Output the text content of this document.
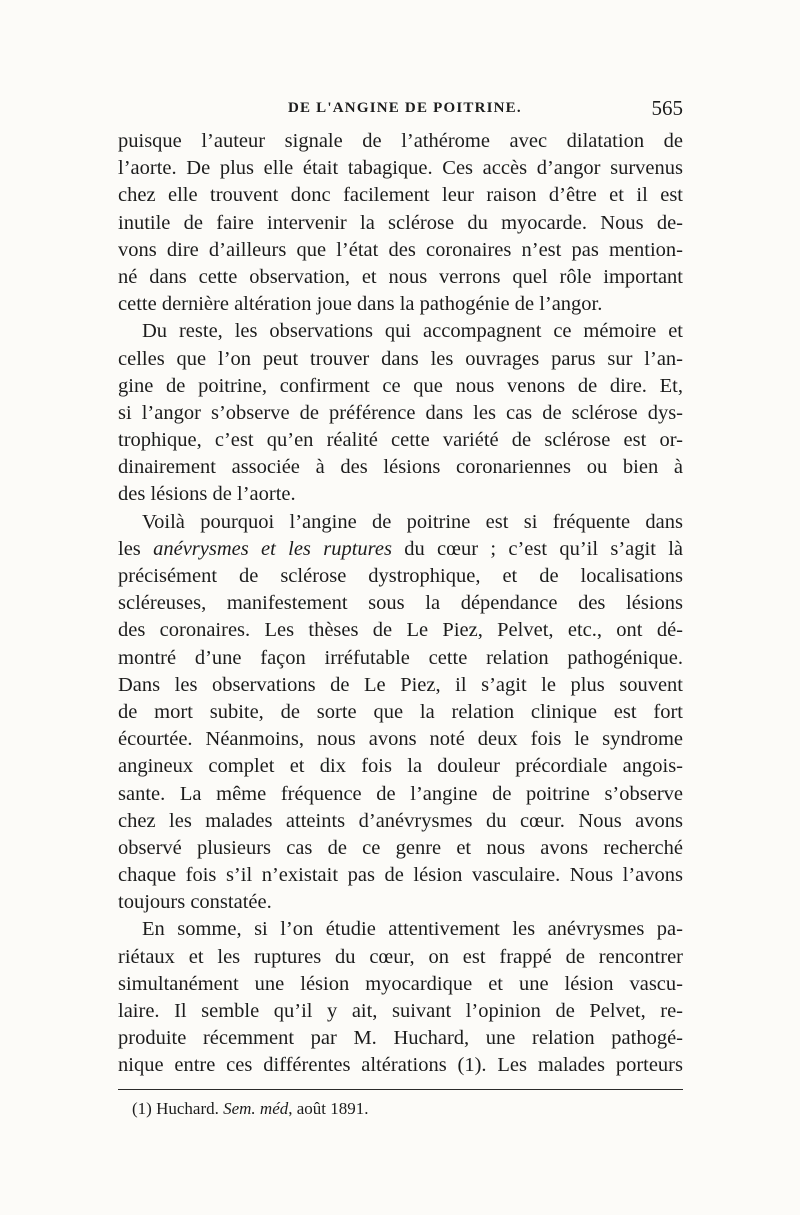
DE L'ANGINE DE POITRINE.	565
puisque l’auteur signale de l’athérome avec dilatation de
l’aorte. De plus elle était tabagique. Ces accès d’angor survenus
chez elle trouvent donc facilement leur raison d’être et il est
inutile de faire intervenir la sclérose du myocarde. Nous de-
vons dire d’ailleurs que l’état des coronaires n’est pas mention-
né dans cette observation, et nous verrons quel rôle important
cette dernière altération joue dans la pathogénie de l’angor.
Du reste, les observations qui accompagnent ce mémoire et
celles que l’on peut trouver dans les ouvrages parus sur l’an-
gine de poitrine, confirment ce que nous venons de dire. Et,
si l’angor s’observe de préférence dans les cas de sclérose dys-
trophique, c’est qu’en réalité cette variété de sclérose est or-
dinairement associée à des lésions coronariennes ou bien à
des lésions de l’aorte.
Voilà pourquoi l’angine de poitrine est si fréquente dans
les anévrysmes et les ruptures du cœur ; c’est qu’il s’agit là
précisément de sclérose dystrophique, et de localisations
scléreuses, manifestement sous la dépendance des lésions
des coronaires. Les thèses de Le Piez, Pelvet, etc., ont dé-
montré d’une façon irréfutable cette relation pathogénique.
Dans les observations de Le Piez, il s’agit le plus souvent
de mort subite, de sorte que la relation clinique est fort
écourtée. Néanmoins, nous avons noté deux fois le syndrome
angineux complet et dix fois la douleur précordiale angois-
sante. La même fréquence de l’angine de poitrine s’observe
chez les malades atteints d’anévrysmes du cœur. Nous avons
observé plusieurs cas de ce genre et nous avons recherché
chaque fois s’il n’existait pas de lésion vasculaire. Nous l’avons
toujours constatée.
En somme, si l’on étudie attentivement les anévrysmes pa-
riétaux et les ruptures du cœur, on est frappé de rencontrer
simultanément une lésion myocardique et une lésion vascu-
laire. Il semble qu’il y ait, suivant l’opinion de Pelvet, re-
produite récemment par M. Huchard, une relation pathogé-
nique entre ces différentes altérations (1). Les malades porteurs
(1) Huchard. Sem. méd, août 1891.
